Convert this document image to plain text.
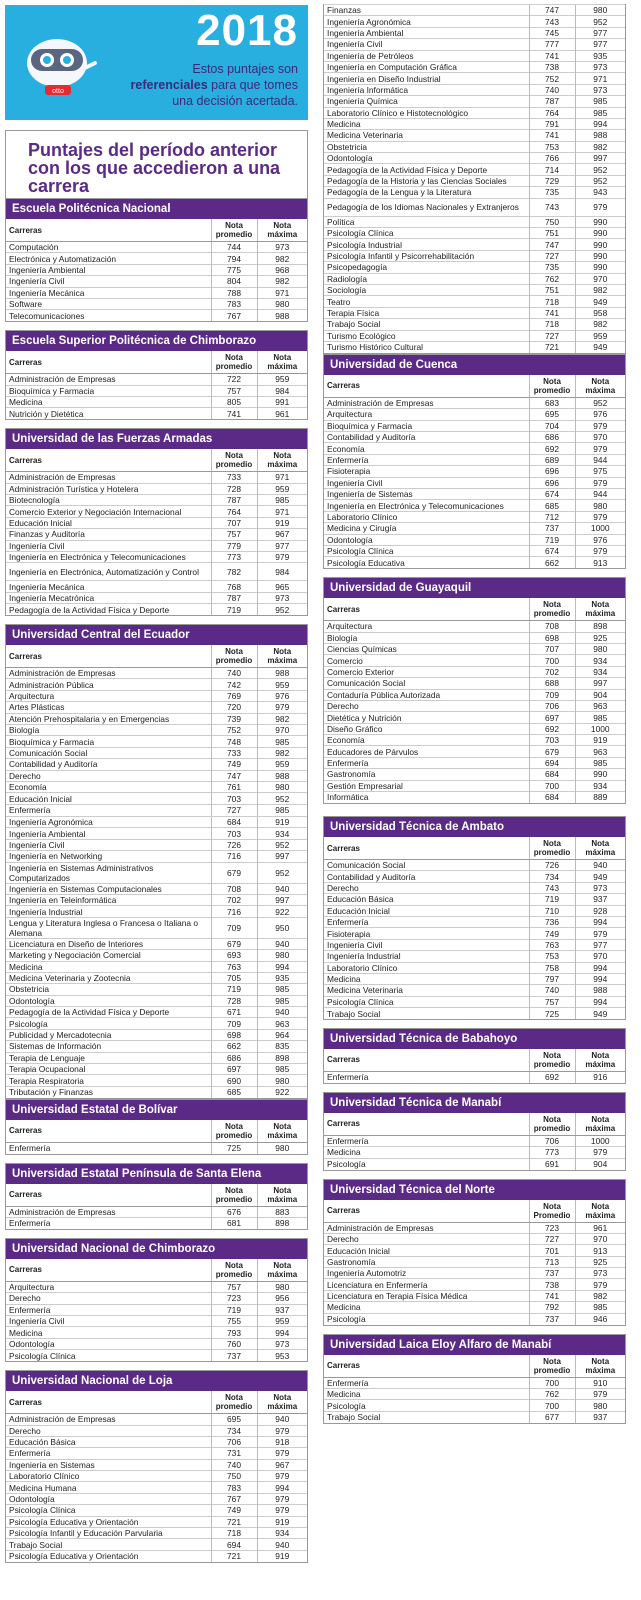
otto
2018
Estos puntajes son
referenciales para que tomes
una decisión acertada.
Puntajes del período anterior con los que accedieron a una carrera
Escuela Politécnica Nacional
Carreras	Nota promedio	Nota máxima
Computación	744	973
Electrónica y Automatización	794	982
Ingeniería Ambiental	775	968
Ingeniería Civil	804	982
Ingeniería Mecánica	788	971
Software	783	980
Telecomunicaciones	767	988
Escuela Superior Politécnica de Chimborazo
Carreras	Nota promedio	Nota máxima
Administración de Empresas	722	959
Bioquímica y Farmacia	757	984
Medicina	805	991
Nutrición y Dietética	741	961
Universidad de las Fuerzas Armadas
Carreras	Nota promedio	Nota máxima
Administración de Empresas	733	971
Administración Turística y Hotelera	728	959
Biotecnología	787	985
Comercio Exterior y Negociación Internacional	764	971
Educación Inicial	707	919
Finanzas y Auditoría	757	967
Ingeniería Civil	779	977
Ingeniería en Electrónica y Telecomunicaciones	773	979
Ingeniería en Electrónica, Automatización y Control	782	984
Ingeniería Mecánica	768	965
Ingeniería Mecatrónica	787	973
Pedagogía de la Actividad Física y Deporte	719	952
Universidad Central del Ecuador
Carreras	Nota promedio	Nota máxima
Administración de Empresas	740	988
Administración Pública	742	959
Arquitectura	769	976
Artes Plásticas	720	979
Atención Prehospitalaria y en Emergencias	739	982
Biología	752	970
Bioquímica y Farmacia	748	985
Comunicación Social	733	982
Contabilidad y Auditoría	749	959
Derecho	747	988
Economía	761	980
Educación Inicial	703	952
Enfermería	727	985
Finanzas	747	980
Ingeniería Agronómica	743	952
Ingeniería Ambiental	745	977
Ingeniería Civil	777	977
Ingeniería de Petróleos	741	935
Ingeniería en Computación Gráfica	738	973
Ingeniería en Diseño Industrial	752	971
Ingeniería Informática	740	973
Ingeniería Química	787	985
Laboratorio Clínico e Histotecnológico	764	985
Medicina	791	994
Medicina Veterinaria	741	988
Obstetricia	753	982
Odontología	766	997
Pedagogía de la Actividad Física y Deporte	714	952
Pedagogía de la Historia y las Ciencias Sociales	729	952
Pedagogía de la Lengua y la Literatura	735	943
Pedagogía de los Idiomas Nacionales y Extranjeros	743	979
Política	750	990
Psicología Clínica	751	990
Psicología Industrial	747	990
Psicología Infantil y Psicorrehabilitación	727	990
Psicopedagogía	735	990
Radiología	762	970
Sociología	751	982
Teatro	718	949
Terapia Física	741	958
Trabajo Social	718	982
Turismo Ecológico	727	959
Turismo Histórico Cultural	721	949
Universidad de Cuenca
Carreras	Nota promedio	Nota máxima
Administración de Empresas	683	952
Arquitectura	695	976
Bioquímica y Farmacia	704	979
Contabilidad y Auditoría	686	970
Economía	692	979
Enfermería	689	944
Fisioterapia	696	975
Ingeniería Civil	696	979
Ingeniería de Sistemas	674	944
Ingeniería en Electrónica y Telecomunicaciones	685	980
Laboratorio Clínico	712	979
Medicina y Cirugía	737	1000
Odontología	719	976
Psicología Clínica	674	979
Psicología Educativa	662	913
Universidad de Guayaquil
Carreras	Nota promedio	Nota máxima
Arquitectura	708	898
Biología	698	925
Ciencias Químicas	707	980
Comercio	700	934
Comercio Exterior	702	934
Comunicación Social	688	997
Contaduría Pública Autorizada	709	904
Derecho	706	963
Dietética y Nutrición	697	985
Diseño Gráfico	692	1000
Economía	703	919
Educadores de Párvulos	679	963
Enfermería	694	985
Gastronomía	684	990
Gestión Empresarial	700	934
Informática	684	889
Ingeniería Agronómica	684	919
Ingeniería Ambiental	703	934
Ingeniería Civil	726	952
Ingeniería en Networking	716	997
Ingeniería en Sistemas Administrativos Computarizados	679	952
Ingeniería en Sistemas Computacionales	708	940
Ingeniería en Teleinformática	702	997
Ingeniería Industrial	716	922
Lengua y Literatura Inglesa o Francesa o Italiana o Alemana	709	950
Licenciatura en Diseño de Interiores	679	940
Marketing y Negociación Comercial	693	980
Medicina	763	994
Medicina Veterinaria y Zootecnia	705	935
Obstetricia	719	985
Odontología	728	985
Pedagogía de la Actividad Física y Deporte	671	940
Psicología	709	963
Publicidad y Mercadotecnia	698	964
Sistemas de Información	662	835
Terapia de Lenguaje	686	898
Terapia Ocupacional	697	985
Terapia Respiratoria	690	980
Tributación y Finanzas	685	922
Universidad Estatal de Bolívar
Carreras	Nota promedio	Nota máxima
Enfermería	725	980
Universidad Estatal Península de Santa Elena
Carreras	Nota promedio	Nota máxima
Administración de Empresas	676	883
Enfermería	681	898
Universidad Nacional de Chimborazo
Carreras	Nota promedio	Nota máxima
Arquitectura	757	980
Derecho	723	956
Enfermería	719	937
Ingeniería Civil	755	959
Medicina	793	994
Odontología	760	973
Psicología Clínica	737	953
Universidad Nacional de Loja
Carreras	Nota promedio	Nota máxima
Administración de Empresas	695	940
Derecho	734	979
Educación Básica	706	918
Enfermería	731	979
Ingeniería en Sistemas	740	967
Laboratorio Clínico	750	979
Medicina Humana	783	994
Odontología	767	979
Psicología Clínica	749	979
Psicología Educativa y Orientación	721	919
Psicología Infantil y Educación Parvularia	718	934
Trabajo Social	694	940
Psicología Educativa y Orientación	721	919
Universidad Técnica de Ambato
Carreras	Nota promedio	Nota máxima
Comunicación Social	726	940
Contabilidad y Auditoría	734	949
Derecho	743	973
Educación Básica	719	937
Educación Inicial	710	928
Enfermería	736	994
Fisioterapia	749	979
Ingeniería Civil	763	977
Ingeniería Industrial	753	970
Laboratorio Clínico	758	994
Medicina	797	994
Medicina Veterinaria	740	988
Psicología Clínica	757	994
Trabajo Social	725	949
Universidad Técnica de Babahoyo
Carreras	Nota promedio	Nota máxima
Enfermería	692	916
Universidad Técnica de Manabí
Carreras	Nota promedio	Nota máxima
Enfermería	706	1000
Medicina	773	979
Psicología	691	904
Universidad Técnica del Norte
Carreras	Nota Promedio	Nota máxima
Administración de Empresas	723	961
Derecho	727	970
Educación Inicial	701	913
Gastronomía	713	925
Ingeniería Automotriz	737	973
Licenciatura en Enfermería	738	979
Licenciatura en Terapia Física Médica	741	982
Medicina	792	985
Psicología	737	946
Universidad Laica Eloy Alfaro de Manabí
Carreras	Nota promedio	Nota máxima
Enfermería	700	910
Medicina	762	979
Psicología	700	980
Trabajo Social	677	937
